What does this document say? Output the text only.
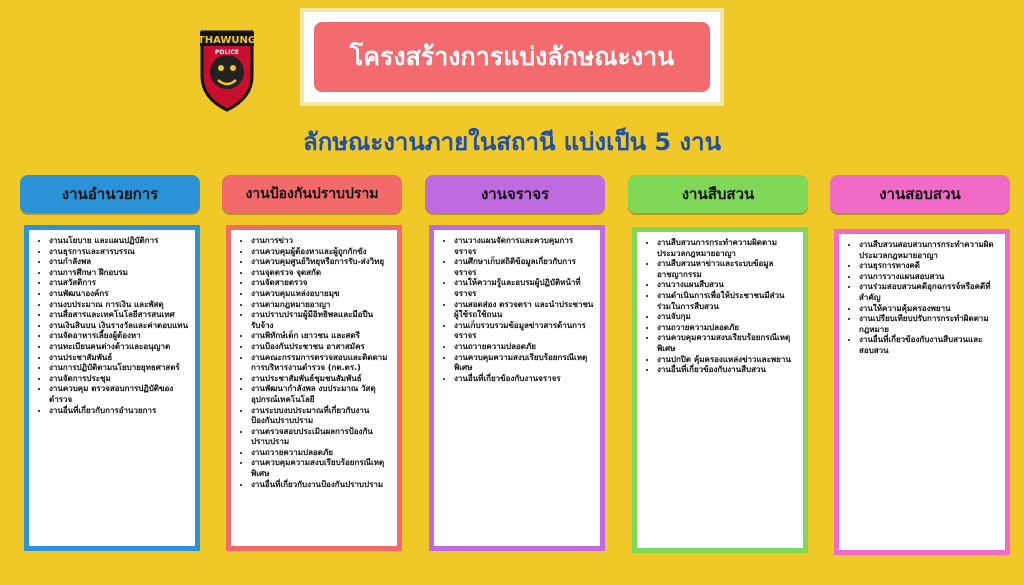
THAWUNG
POLICE	โครงสร้างการแบ่งลักษณะงาน
ลักษณะงานภายในสถานี แบ่งเป็น 5 งาน
งานอำนวยการ
• งานนโยบาย และแผนปฏิบัติการ
• งานธุรการและสารบรรณ
• งานกำลังพล
• งานการศึกษา ฝึกอบรม
• งานสวัสดิการ
• งานพัฒนาองค์กร
• งานงบประมาณ การเงิน และพัสดุ
• งานสื่อสารและเทคโนโลยีสารสนเทศ
• งานเงินสินบน เงินรางวัลและค่าตอบแทน
• งานจัดอาหารเลี้ยงผู้ต้องหา
• งานทะเบียนคนต่างด้าวและอนุญาต
• งานประชาสัมพันธ์
• งานการปฏิบัติตามนโยบายยุทธศาสตร์
• งานจัดการประชุม
• งานควบคุม ตรวจสอบการปฏิบัติของตำรวจ
• งานอื่นที่เกี่ยวกับการอำนวยการ
งานป้องกันปราบปราม
• งานการข่าว
• งานควบคุมผู้ต้องหาและผู้ถูกกักขัง
• งานควบคุมศูนย์วิทยุหรือการรับ-ส่งวิทยุ
• งานจุดตรวจ จุดสกัด
• งานจัดสายตรวจ
• งานควบคุมแหล่งอบายมุข
• งานตามกฎหมายอาญา
• งานปราบปรามผู้มีอิทธิพลและมือปืนรับจ้าง
• งานพิทักษ์เด็ก เยาวชน และสตรี
• งานป้องกันประชาชน อาสาสมัคร
• งานคณะกรรมการตรวจสอบและติดตามการบริหารงานตำรวจ (กต.ตร.)
• งานประชาสัมพันธ์ชุมชนสัมพันธ์
• งานพัฒนากำลังพล งบประมาณ วัสดุอุปกรณ์เทคโนโลยี
• งานระบบงบประมาณที่เกี่ยวกับงานป้องกันปราบปราม
• งานตรวจสอบประเมินผลการป้องกันปราบปราม
• งานถวายความปลอดภัย
• งานควบคุมความสงบเรียบร้อยกรณีเหตุพิเศษ
• งานอื่นที่เกี่ยวกับงานป้องกันปราบปราม
งานจราจร
• งานวางแผนจัดการและควบคุมการจราจร
• งานศึกษาเก็บสถิติข้อมูลเกี่ยวกับการจราจร
• งานให้ความรู้และอบรมผู้ปฏิบัติหน้าที่จราจร
• งานสอดส่อง ตรวจตรา และนำประชาชนผู้ใช้รถใช้ถนน
• งานเก็บรวบรวมข้อมูลข่าวสารด้านการจราจร
• งานถวายความปลอดภัย
• งานควบคุมความสงบเรียบร้อยกรณีเหตุพิเศษ
• งานอื่นที่เกี่ยวข้องกับงานจราจร
งานสืบสวน
• งานสืบสวนการกระทำความผิดตามประมวลกฎหมายอาญา
• งานสืบสวนหาข่าวและระบบข้อมูลอาชญากรรม
• งานวางแผนสืบสวน
• งานดำเนินการเพื่อให้ประชาชนมีส่วนร่วมในการสืบสวน
• งานจับกุม
• งานถวายความปลอดภัย
• งานควบคุมความสงบเรียบร้อยกรณีเหตุพิเศษ
• งานปกปิด คุ้มครองแหล่งข่าวและพยาน
• งานอื่นที่เกี่ยวข้องกับงานสืบสวน
งานสอบสวน
• งานสืบสวนสอบสวนการกระทำความผิดประมวลกฎหมายอาญา
• งานธุรการทางคดี
• งานการวางแผนสอบสวน
• งานร่วมสอบสวนคดีอุกฉกรรจ์หรือคดีที่สำคัญ
• งานให้ความคุ้มครองพยาน
• งานเปรียบเทียบปรับการกระทำผิดตามกฎหมาย
• งานอื่นที่เกี่ยวข้องกับงานสืบสวนและสอบสวน
